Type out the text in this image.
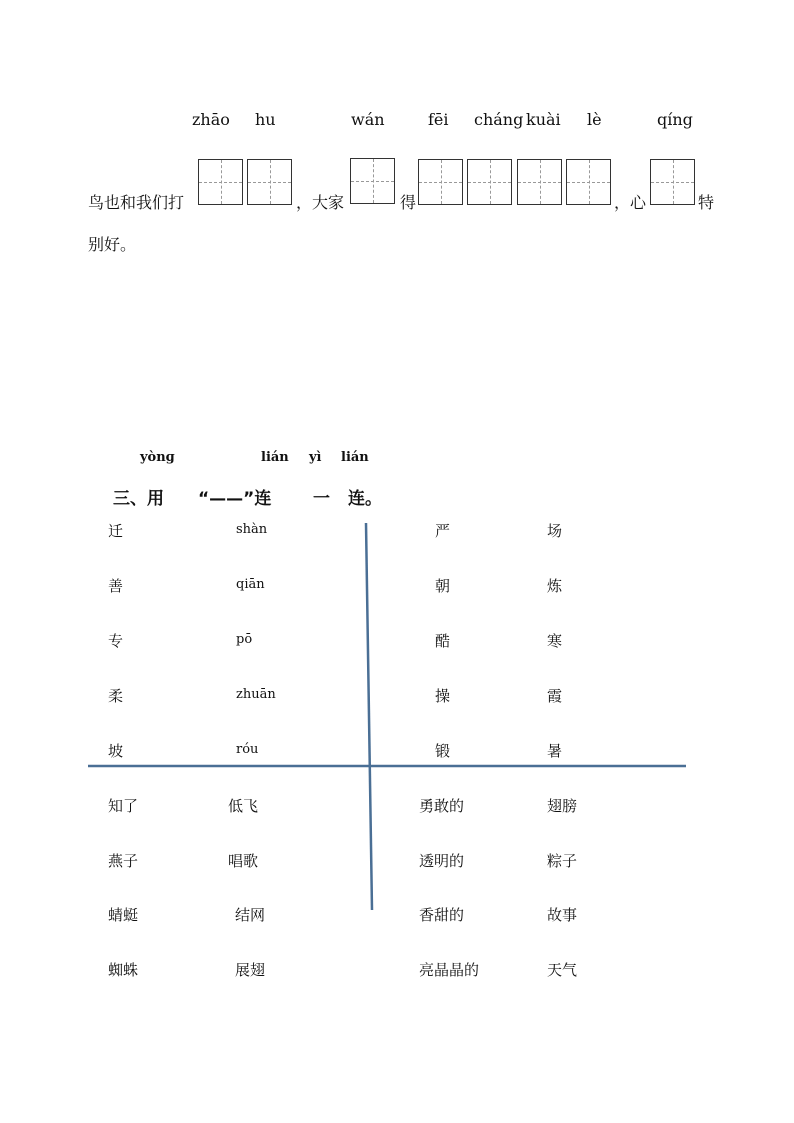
zhāo hu	wán	fēi cháng kuài lè	qíng
鸟也和我们打	，大家	得	，心	特
别好。
yònɡ	lián yì lián
三、用 “——”连 一 连。
迁	shàn
善	qiān
专	pō
柔	zhuān
坡	róu
严	场
朝	炼
酷	寒
操	霞
锻	暑
知了	低飞
燕子	唱歌
蜻蜓	结网
蜘蛛	展翅
勇敢的	翅膀
透明的	粽子
香甜的	故事
亮晶晶的	天气
